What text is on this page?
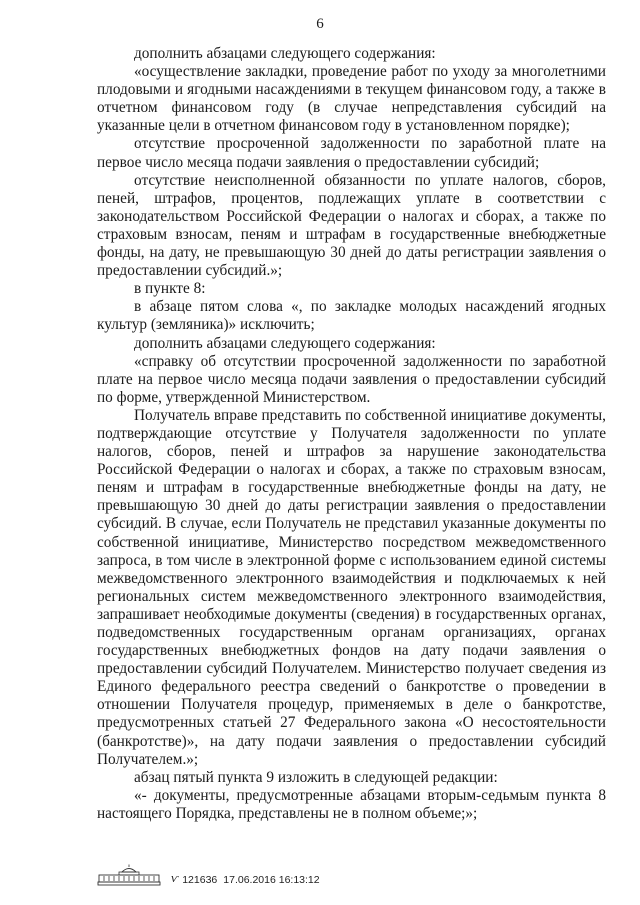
6

дополнить абзацами следующего содержания:

«осуществление закладки, проведение работ по уходу за многолетними плодовыми и ягодными насаждениями в текущем финансовом году, а также в отчетном финансовом году (в случае непредставления субсидий на указанные цели в отчетном финансовом году в установленном порядке);

отсутствие просроченной задолженности по заработной плате на первое число месяца подачи заявления о предоставлении субсидий;

отсутствие неисполненной обязанности по уплате налогов, сборов, пеней, штрафов, процентов, подлежащих уплате в соответствии с законодательством Российской Федерации о налогах и сборах, а также по страховым взносам, пеням и штрафам в государственные внебюджетные фонды, на дату, не превышающую 30 дней до даты регистрации заявления о предоставлении субсидий.»;

в пункте 8:

в абзаце пятом слова «, по закладке молодых насаждений ягодных культур (земляника)» исключить;

дополнить абзацами следующего содержания:

«справку об отсутствии просроченной задолженности по заработной плате на первое число месяца подачи заявления о предоставлении субсидий по форме, утвержденной Министерством.

Получатель вправе представить по собственной инициативе документы, подтверждающие отсутствие у Получателя задолженности по уплате налогов, сборов, пеней и штрафов за нарушение законодательства Российской Федерации о налогах и сборах, а также по страховым взносам, пеням и штрафам в государственные внебюджетные фонды на дату, не превышающую 30 дней до даты регистрации заявления о предоставлении субсидий. В случае, если Получатель не представил указанные документы по собственной инициативе, Министерство посредством межведомственного запроса, в том числе в электронной форме с использованием единой системы межведомственного электронного взаимодействия и подключаемых к ней региональных систем межведомственного электронного взаимодействия, запрашивает необходимые документы (сведения) в государственных органах, подведомственных государственным органам организациях, органах государственных внебюджетных фондов на дату подачи заявления о предоставлении субсидий Получателем. Министерство получает сведения из Единого федерального реестра сведений о банкротстве о проведении в отношении Получателя процедур, применяемых в деле о банкротстве, предусмотренных статьей 27 Федерального закона «О несостоятельности (банкротстве)», на дату подачи заявления о предоставлении субсидий Получателем.»;

абзац пятый пункта 9 изложить в следующей редакции:

«- документы, предусмотренные абзацами вторым-седьмым пункта 8 настоящего Порядка, представлены не в полном объеме;»;

ѵ 121636 17.06.2016 16:13:12
